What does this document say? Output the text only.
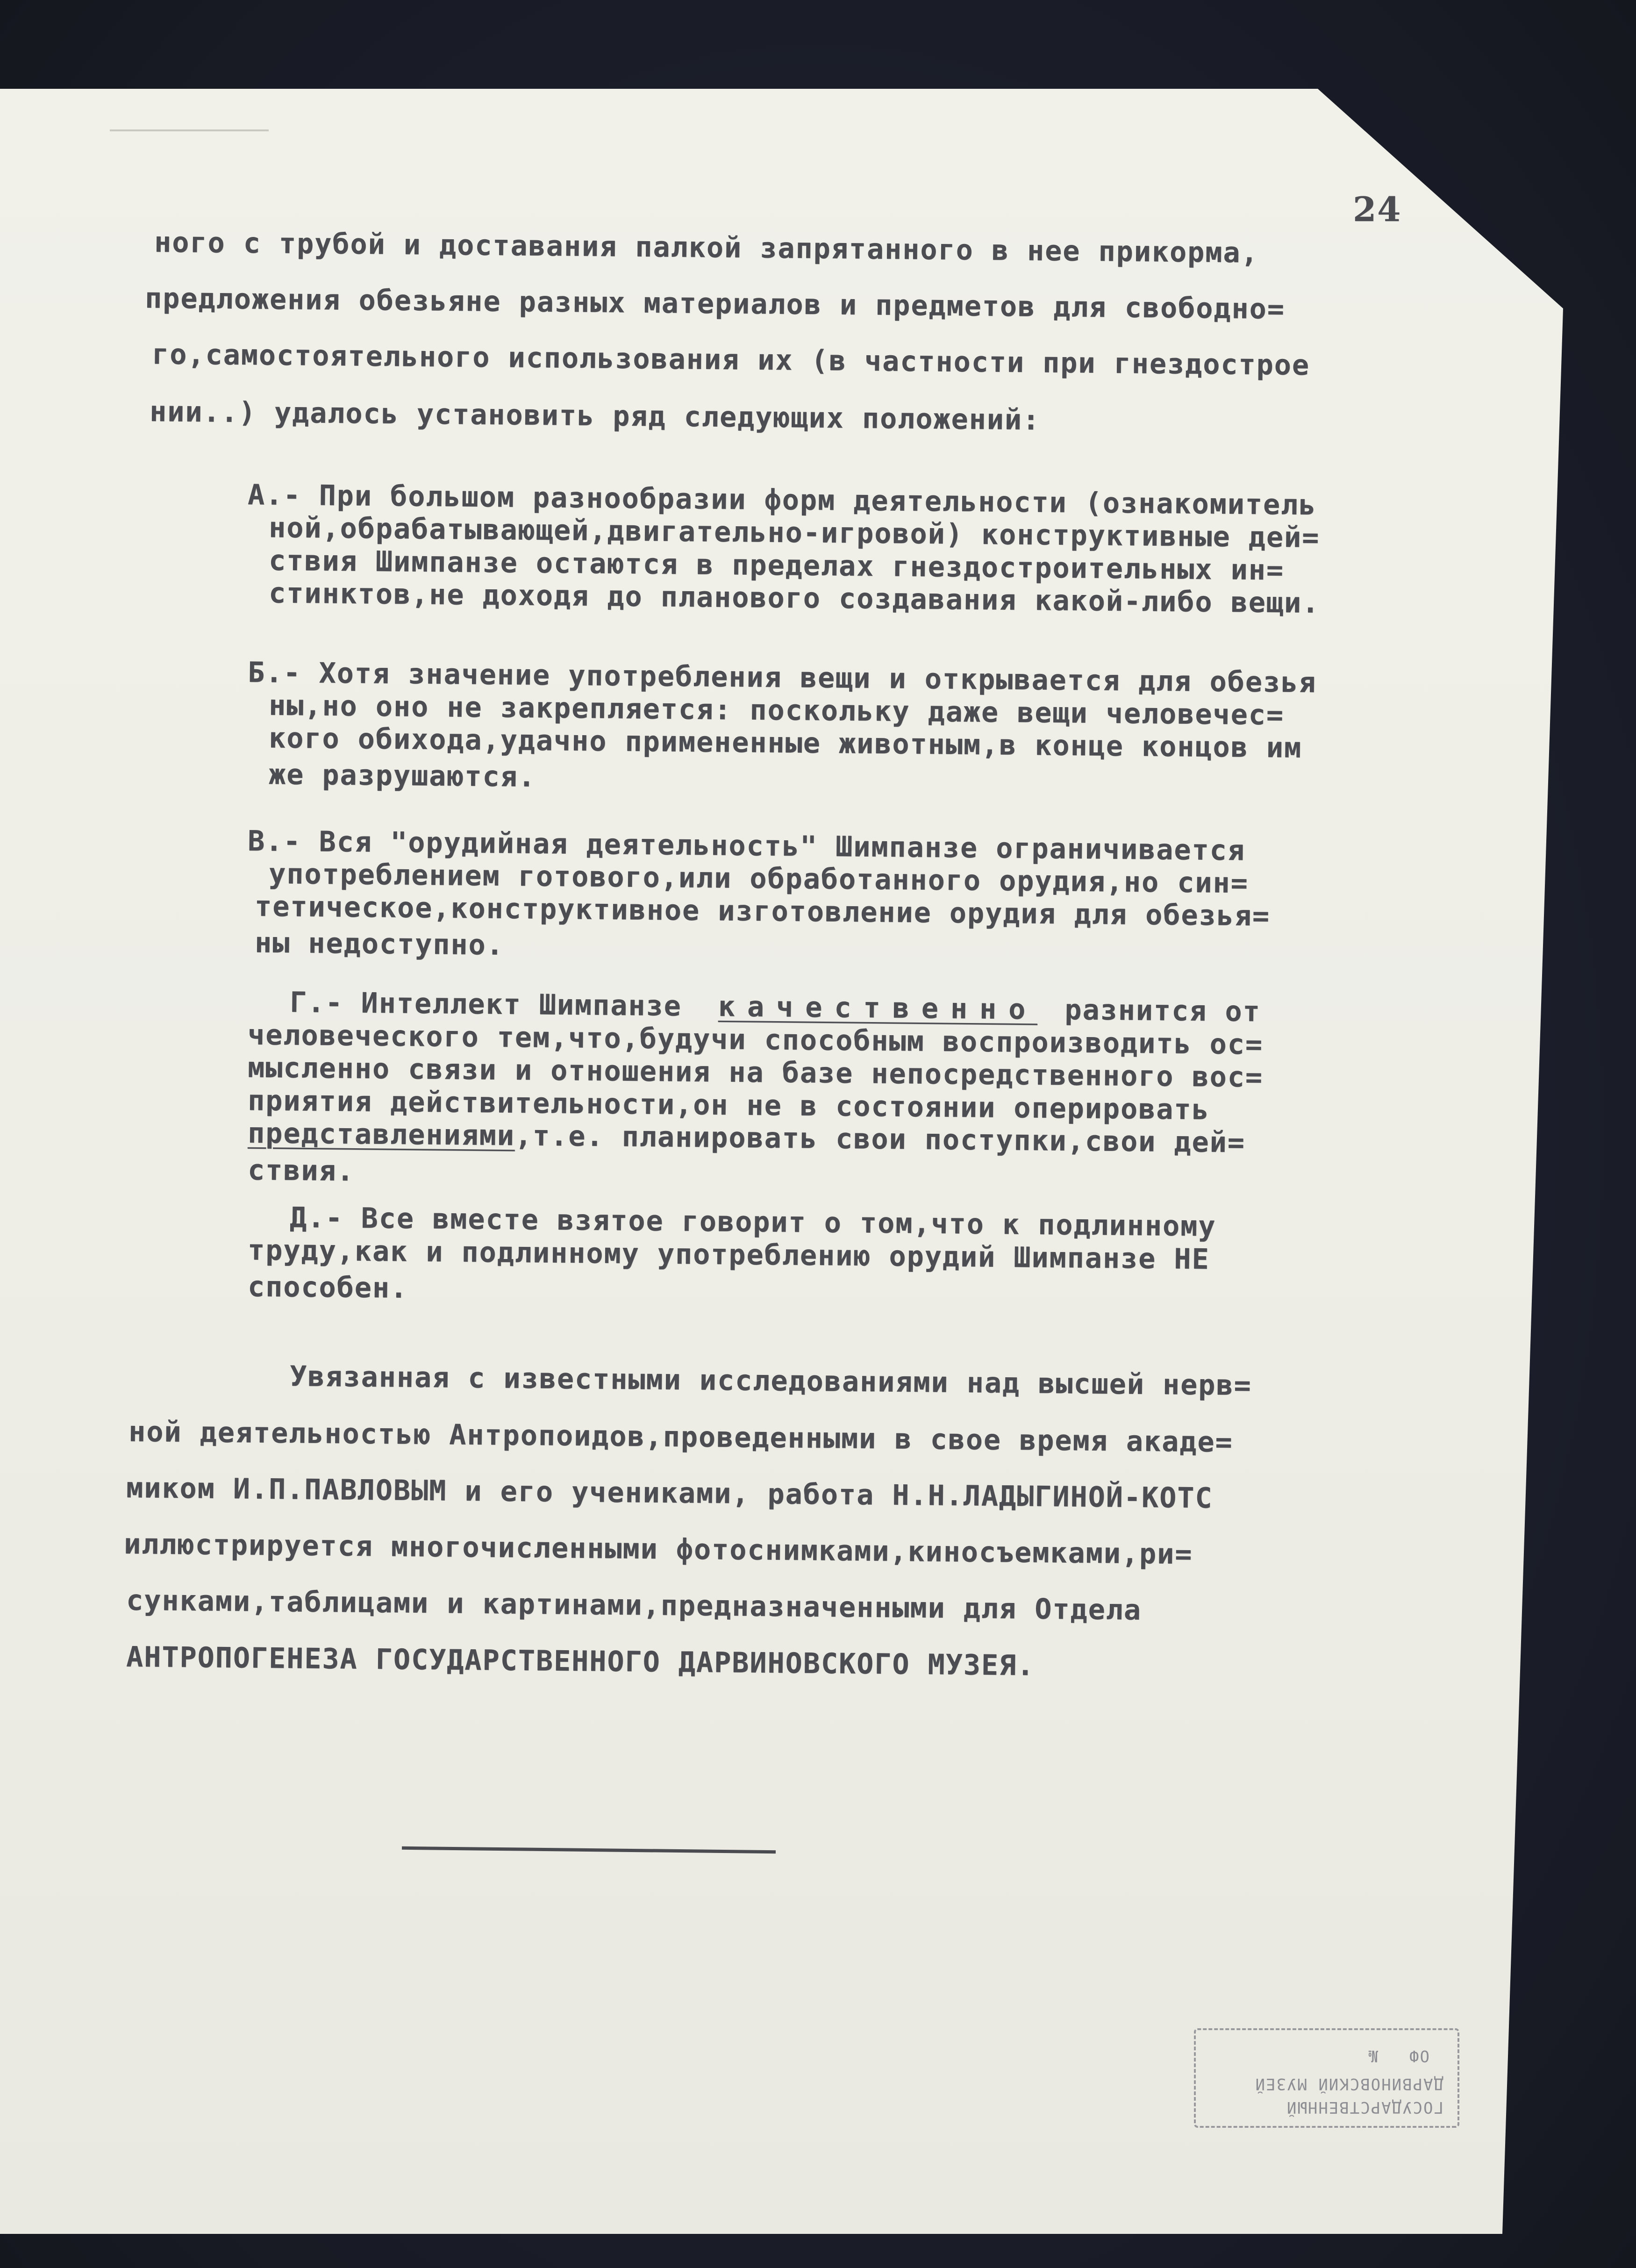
24
ного с трубой и доставания палкой запрятанного в нее прикорма,
предложения обезьяне разных материалов и предметов для свободно=
го,самостоятельного использования их (в частности при гнездострое
нии..) удалось установить ряд следующих положений:
А.- При большом разнообразии форм деятельности (ознакомитель
ной,обрабатывающей,двигательно-игровой) конструктивные дей=
ствия Шимпанзе остаются в пределах гнездостроительных ин=
стинктов,не доходя до планового создавания какой-либо вещи.
Б.- Хотя значение употребления вещи и открывается для обезья
ны,но оно не закрепляется: поскольку даже вещи человечес=
кого обихода,удачно примененные животным,в конце концов им
же разрушаются.
В.- Вся "орудийная деятельность" Шимпанзе ограничивается
употреблением готового,или обработанного орудия,но син=
тетическое,конструктивное изготовление орудия для обезья=
ны недоступно.
Г.- Интеллект Шимпанзе качественно разнится от
человеческого тем,что,будучи способным воспроизводить ос=
мысленно связи и отношения на базе непосредственного вос=
приятия действительности,он не в состоянии оперировать
представлениями,т.е. планировать свои поступки,свои дей=
ствия.
Д.- Все вместе взятое говорит о том,что к подлинному
труду,как и подлинному употреблению орудий Шимпанзе НЕ
способен.
Увязанная с известными исследованиями над высшей нерв=
ной деятельностью Антропоидов,проведенными в свое время акаде=
миком И.П.ПАВЛОВЫМ и его учениками, работа Н.Н.ЛАДЫГИНОЙ-КОТС
иллюстрируется многочисленными фотоснимками,киносъемками,ри=
сунками,таблицами и картинами,предназначенными для Отдела
АНТРОПОГЕНЕЗА ГОСУДАРСТВЕННОГО ДАРВИНОВСКОГО МУЗЕЯ.
ГОСУДАРСТВЕННЫЙ
ДАРВИНОВСКИЙ МУЗЕЙ
ОФ
№
